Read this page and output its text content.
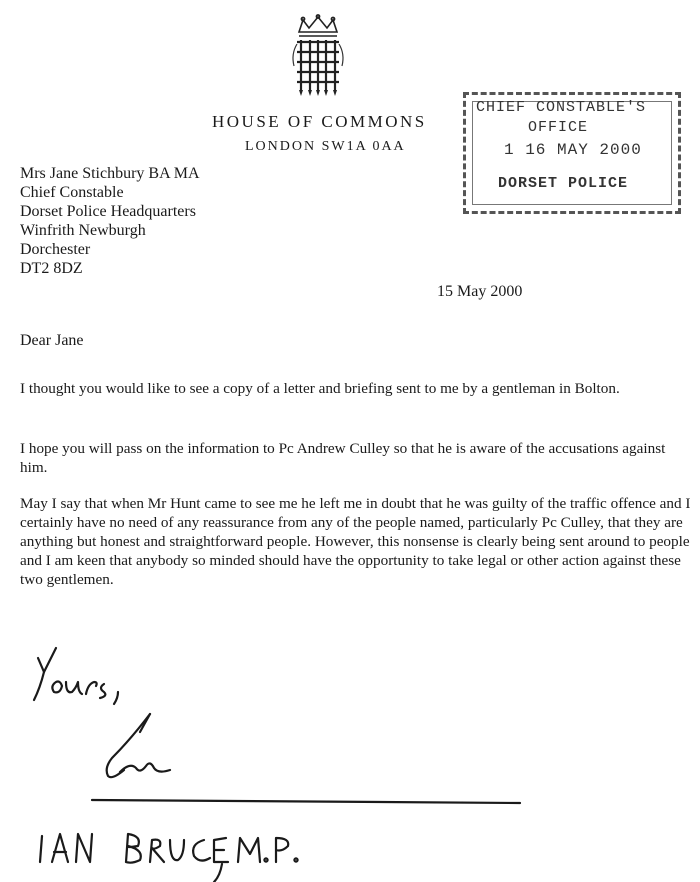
HOUSE OF COMMONS
LONDON SW1A 0AA
CHIEF CONSTABLE'S
OFFICE
1 16 MAY 2000
DORSET POLICE
Mrs Jane Stichbury BA MA
Chief Constable
Dorset Police Headquarters
Winfrith Newburgh
Dorchester
DT2 8DZ
15 May 2000
Dear Jane
I thought you would like to see a copy of a letter and briefing sent to me by a gentleman in Bolton.
I hope you will pass on the information to Pc Andrew Culley so that he is aware of the accusations against him.
May I say that when Mr Hunt came to see me he left me in doubt that he was guilty of the traffic offence and I certainly have no need of any reassurance from any of the people named, particularly Pc Culley, that they are anything but honest and straightforward people. However, this nonsense is clearly being sent around to people and I am keen that anybody so minded should have the opportunity to take legal or other action against these two gentlemen.
